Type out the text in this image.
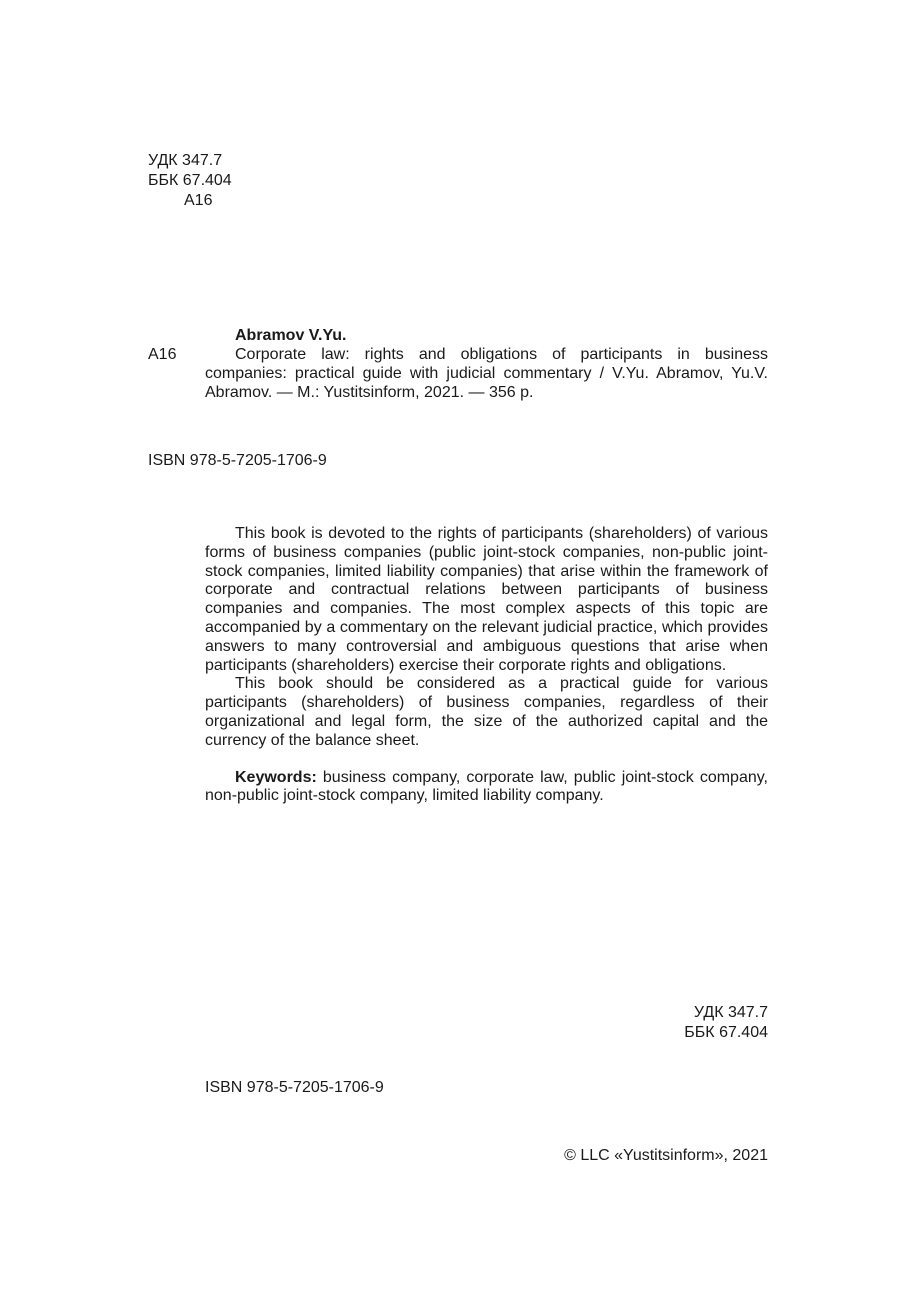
УДК 347.7
ББК 67.404
А16
Abramov V.Yu.
А16	Corporate law: rights and obligations of participants in business companies: practical guide with judicial commentary / V.Yu. Abramov, Yu.V. Abramov. — M.: Yustitsinform, 2021. — 356 p.
ISBN 978-5-7205-1706-9

This book is devoted to the rights of participants (shareholders) of various forms of business companies (public joint-stock companies, non-public joint-stock companies, limited liability companies) that arise within the framework of corporate and contractual relations between participants of business companies and companies. The most complex aspects of this topic are accompanied by a commentary on the relevant judicial practice, which provides answers to many controversial and ambiguous questions that arise when participants (shareholders) exercise their corporate rights and obligations.

This book should be considered as a practical guide for various participants (shareholders) of business companies, regardless of their organizational and legal form, the size of the authorized capital and the currency of the balance sheet.

Keywords: business company, corporate law, public joint-stock company, non-public joint-stock company, limited liability company.

УДК 347.7
ББК 67.404
ISBN 978-5-7205-1706-9
© LLC «Yustitsinform», 2021
